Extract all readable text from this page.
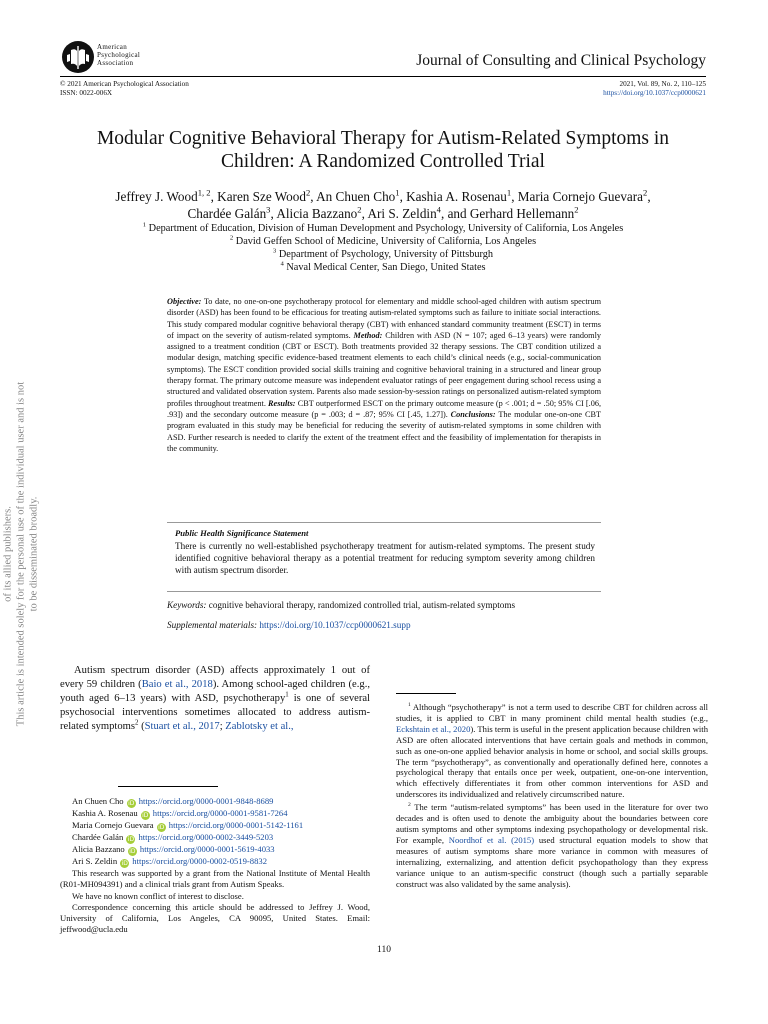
of its allied publishers. This article is intended solely for the personal use of the individual user and is not to be disseminated broadly.
American
Psychological
Association	Journal of Consulting and Clinical Psychology
© 2021 American Psychological Association
ISSN: 0022-006X
2021, Vol. 89, No. 2, 110–125
https://doi.org/10.1037/ccp0000621
Modular Cognitive Behavioral Therapy for Autism-Related Symptoms in Children: A Randomized Controlled Trial
Jeffrey J. Wood$^{1, 2}$, Karen Sze Wood$^2$, An Chuen Cho$^1$, Kashia A. Rosenau$^1$, Maria Cornejo Guevara$^2$,
Chardée Galán$^3$, Alicia Bazzano$^2$, Ari S. Zeldin$^4$, and Gerhard Hellemann$^2$
$^1$ Department of Education, Division of Human Development and Psychology, University of California, Los Angeles
$^2$ David Geffen School of Medicine, University of California, Los Angeles
$^3$ Department of Psychology, University of Pittsburgh
$^4$ Naval Medical Center, San Diego, United States
Objective: To date, no one-on-one psychotherapy protocol for elementary and middle school-aged children with autism spectrum disorder (ASD) has been found to be efficacious for treating autism-related symptoms such as failure to initiate social interactions. This study compared modular cognitive behavioral therapy (CBT) with enhanced standard community treatment (ESCT) in terms of impact on the severity of autism-related symptoms. Method: Children with ASD (N = 107; aged 6–13 years) were randomly assigned to a treatment condition (CBT or ESCT). Both treatments provided 32 therapy sessions. The CBT condition utilized a modular design, matching specific evidence-based treatment elements to each child’s clinical needs (e.g., social-communication symptoms). The ESCT condition provided social skills training and cognitive behavioral training in a structured and linear group therapy format. The primary outcome measure was independent evaluator ratings of peer engagement during school recess using a structured and validated observation system. Parents also made session-by-session ratings on personalized autism-related symptom profiles throughout treatment. Results: CBT outperformed ESCT on the primary outcome measure (p < .001; d = .50; 95% CI [.06, .93]) and the secondary outcome measure (p = .003; d = .87; 95% CI [.45, 1.27]). Conclusions: The modular one-on-one CBT program evaluated in this study may be beneficial for reducing the severity of autism-related symptoms in some children with ASD. Further research is needed to clarify the extent of the treatment effect and the feasibility of implementation for therapists in the community.
Public Health Significance Statement
There is currently no well-established psychotherapy treatment for autism-related symptoms. The present study identified cognitive behavioral therapy as a potential treatment for reducing symptom severity among children with autism spectrum disorder.
Keywords: cognitive behavioral therapy, randomized controlled trial, autism-related symptoms
Supplemental materials: https://doi.org/10.1037/ccp0000621.supp

Autism spectrum disorder (ASD) affects approximately 1 out of every 59 children (Baio et al., 2018). Among school-aged children (e.g., youth aged 6–13 years) with ASD, psychotherapy$^1$ is one of several psychosocial interventions sometimes allocated to address autism-related symptoms$^2$ (Stuart et al., 2017; Zablotsky et al.,

An Chuen Cho iD https://orcid.org/0000-0001-9848-8689

Kashia A. Rosenau iD https://orcid.org/0000-0001-9581-7264

Maria Cornejo Guevara iD https://orcid.org/0000-0001-5142-1161

Chardée Galán iD https://orcid.org/0000-0002-3449-5203

Alicia Bazzano iD https://orcid.org/0000-0001-5619-4033

Ari S. Zeldin iD https://orcid.org/0000-0002-0519-8832

This research was supported by a grant from the National Institute of Mental Health (R01-MH094391) and a clinical trials grant from Autism Speaks.

We have no known conflict of interest to disclose.

Correspondence concerning this article should be addressed to Jeffrey J. Wood, University of California, Los Angeles, CA 90095, United States. Email: jeffwood@ucla.edu

$^1$ Although “psychotherapy” is not a term used to describe CBT for children across all studies, it is applied to CBT in many prominent child mental health studies (e.g., Eckshtain et al., 2020). This term is useful in the present application because children with ASD are often allocated interventions that have certain goals and methods in common, such as one-on-one applied behavior analysis in home or school, and social skills groups. The term “psychotherapy”, as conventionally and operationally defined here, connotes a psychological therapy that entails once per week, outpatient, one-on-one intervention, which effectively differentiates it from other common interventions for ASD and underscores its individualized and relatively circumscribed nature.

$^2$ The term “autism-related symptoms” has been used in the literature for over two decades and is often used to denote the ambiguity about the boundaries between core autism symptoms and other symptoms indexing psychopathology or developmental risk. For example, Noordhof et al. (2015) used structural equation models to show that measures of autism symptoms share more variance in common with measures of internalizing, externalizing, and attention deficit psychopathology than they express variance unique to an autism-specific construct (though such a partially separable construct was also validated by the same analysis).

110
